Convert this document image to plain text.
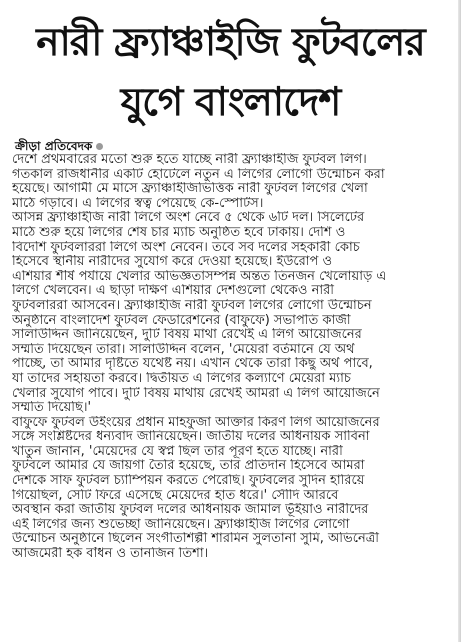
নারী ফ্র্যাঞ্চাইজি ফুটবলের
যুগে বাংলাদেশ
ক্রীড়া প্রতিবেদক
দেশে প্রথমবারের মতো শুরু হতে যাচ্ছে নারী ফ্র্যাঞ্চাইজি ফুটবল লিগ।
গতকাল রাজধানীর একটি হোটেলে নতুন এ লিগের লোগো উন্মোচন করা
হয়েছে। আগামী মে মাসে ফ্র্যাঞ্চাইজিভিত্তিক নারী ফুটবল লিগের খেলা
মাঠে গড়াবে। এ লিগের স্বত্ব পেয়েছে কে-স্পোর্টস।
আসন্ন ফ্র্যাঞ্চাইজি নারী লিগে অংশ নেবে ৫ থেকে ৬টি দল। সিলেটের
মাঠে শুরু হয়ে লিগের শেষ চার ম্যাচ অনুষ্ঠিত হবে ঢাকায়। দেশি ও
বিদেশি ফুটবলাররা লিগে অংশ নেবেন। তবে সব দলের সহকারী কোচ
হিসেবে স্থানীয় নারীদের সুযোগ করে দেওয়া হয়েছে। ইউরোপ ও
এশিয়ার শীর্ষ পর্যায়ে খেলার অভিজ্ঞতাসম্পন্ন অন্তত তিনজন খেলোয়াড় এ
লিগে খেলবেন। এ ছাড়া দক্ষিণ এশিয়ার দেশগুলো থেকেও নারী
ফুটবলাররা আসবেন। ফ্র্যাঞ্চাইজি নারী ফুটবল লিগের লোগো উন্মোচন
অনুষ্ঠানে বাংলাদেশ ফুটবল ফেডারেশনের (বাফুফে) সভাপতি কাজী
সালাউদ্দিন জানিয়েছেন, দুটি বিষয় মাথা রেখেই এ লিগ আয়োজনের
সম্মতি দিয়েছেন তারা। সালাউদ্দিন বলেন, 'মেয়েরা বর্তমানে যে অর্থ
পাচ্ছে, তা আমার দৃষ্টিতে যথেষ্ট নয়। এখান থেকে তারা কিছু অর্থ পাবে,
যা তাদের সহায়তা করবে। দ্বিতীয়ত এ লিগের কল্যাণে মেয়েরা ম্যাচ
খেলার সুযোগ পাবে। দুটি বিষয় মাথায় রেখেই আমরা এ লিগ আয়োজনে
সম্মতি দিয়েছি।'
বাফুফে ফুটবল উইংয়ের প্রধান মাহফুজা আক্তার কিরণ লিগ আয়োজনের
সঙ্গে সংশ্লিষ্টদের ধন্যবাদ জানিয়েছেন। জাতীয় দলের অধিনায়ক সাবিনা
খাতুন জানান, 'মেয়েদের যে স্বপ্ন ছিল তার পূরণ হতে যাচ্ছে। নারী
ফুটবলে আমার যে জায়গা তৈরি হয়েছে, তার প্রতিদান হিসেবে আমরা
দেশকে সাফ ফুটবল চ্যাম্পিয়ন করতে পেরেছি। ফুটবলের সুদিন হারিয়ে
গিয়েছিল, সেটি ফিরে এসেছে মেয়েদের হাত ধরে।' সৌদি আরবে
অবস্থান করা জাতীয় ফুটবল দলের অধিনায়ক জামাল ভূঁইয়াও নারীদের
এই লিগের জন্য শুভেচ্ছা জানিয়েছেন। ফ্র্যাঞ্চাইজি লিগের লোগো
উন্মোচন অনুষ্ঠানে ছিলেন সংগীতশিল্পী শারমিন সুলতানা সুমি, অভিনেত্রী
আজমেরী হক বাঁধন ও তানজিন তিশা।
